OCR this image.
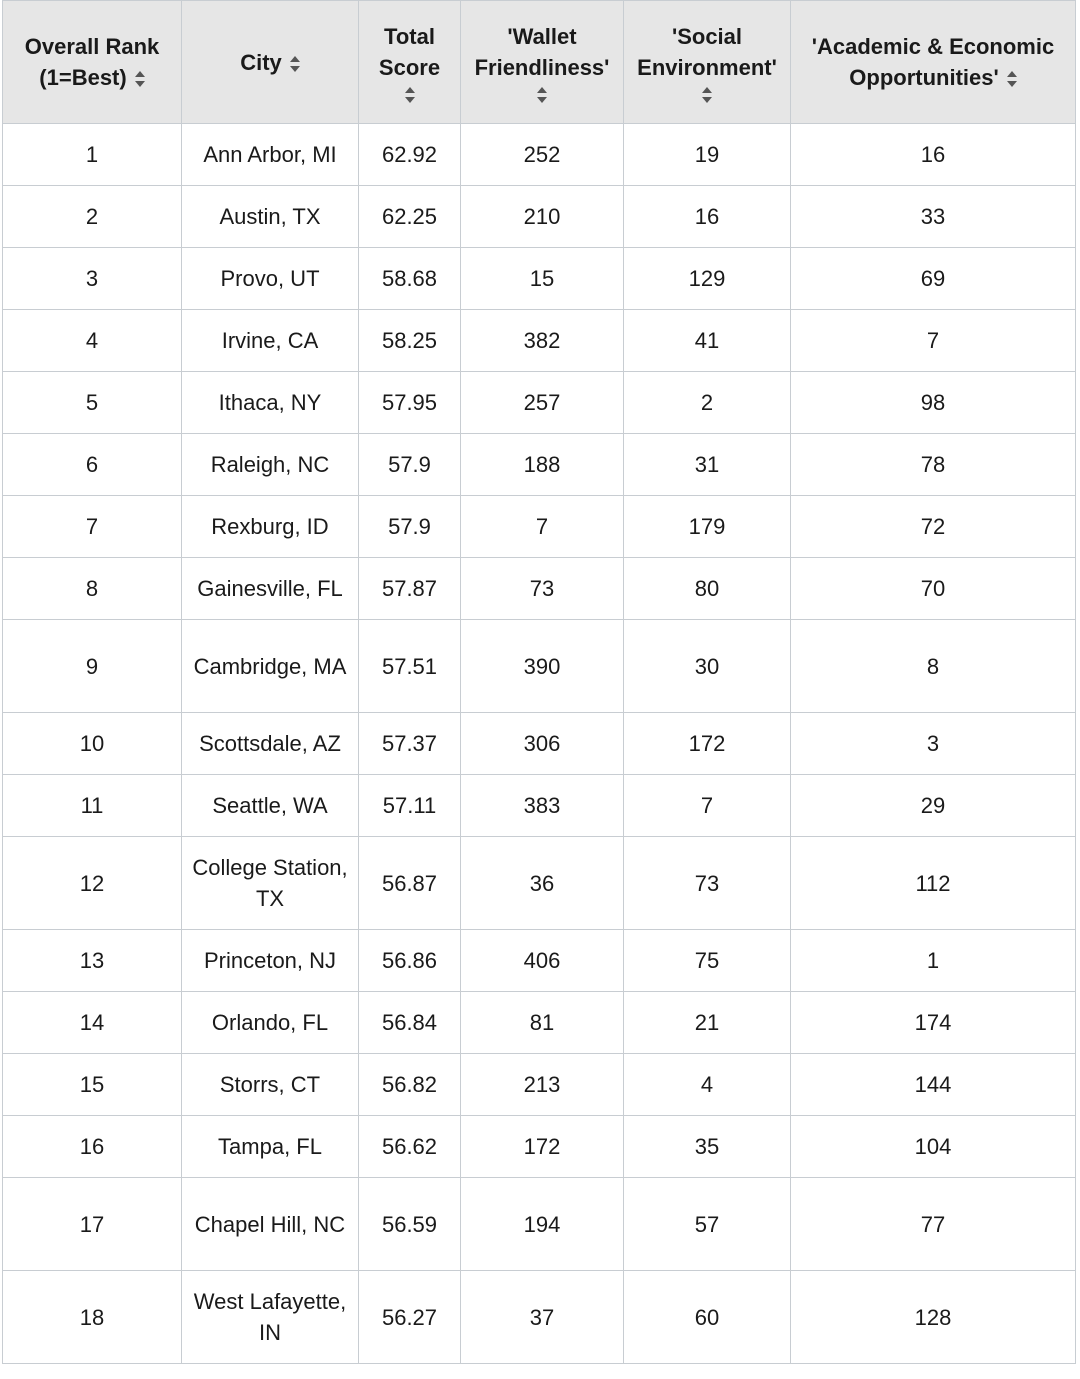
Overall Rank (1=Best)	City	Total Score	'Wallet Friendliness'	'Social Environment'	'Academic & Economic Opportunities'
1	Ann Arbor, MI	62.92	252	19	16
2	Austin, TX	62.25	210	16	33
3	Provo, UT	58.68	15	129	69
4	Irvine, CA	58.25	382	41	7
5	Ithaca, NY	57.95	257	2	98
6	Raleigh, NC	57.9	188	31	78
7	Rexburg, ID	57.9	7	179	72
8	Gainesville, FL	57.87	73	80	70
9	Cambridge, MA	57.51	390	30	8
10	Scottsdale, AZ	57.37	306	172	3
11	Seattle, WA	57.11	383	7	29
12	College Station, TX	56.87	36	73	112
13	Princeton, NJ	56.86	406	75	1
14	Orlando, FL	56.84	81	21	174
15	Storrs, CT	56.82	213	4	144
16	Tampa, FL	56.62	172	35	104
17	Chapel Hill, NC	56.59	194	57	77
18	West Lafayette, IN	56.27	37	60	128
